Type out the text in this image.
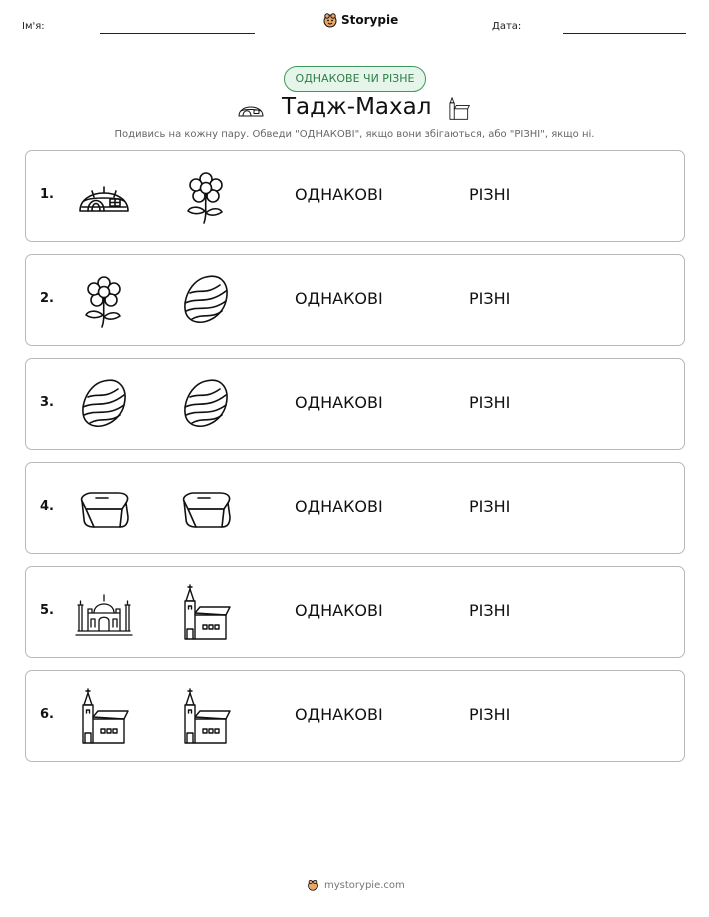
Ім'я:	Storypie	Дата:
ОДНАКОВЕ ЧИ РІЗНЕ
Тадж-Махал
Подивись на кожну пару. Обведи "ОДНАКОВІ", якщо вони збігаються, або "РІЗНІ", якщо ні.
1.	ОДНАКОВІ	РІЗНІ
2.	ОДНАКОВІ	РІЗНІ
3.	ОДНАКОВІ	РІЗНІ
4.	ОДНАКОВІ	РІЗНІ
5.	ОДНАКОВІ	РІЗНІ
6.	ОДНАКОВІ	РІЗНІ
mystorypie.com
